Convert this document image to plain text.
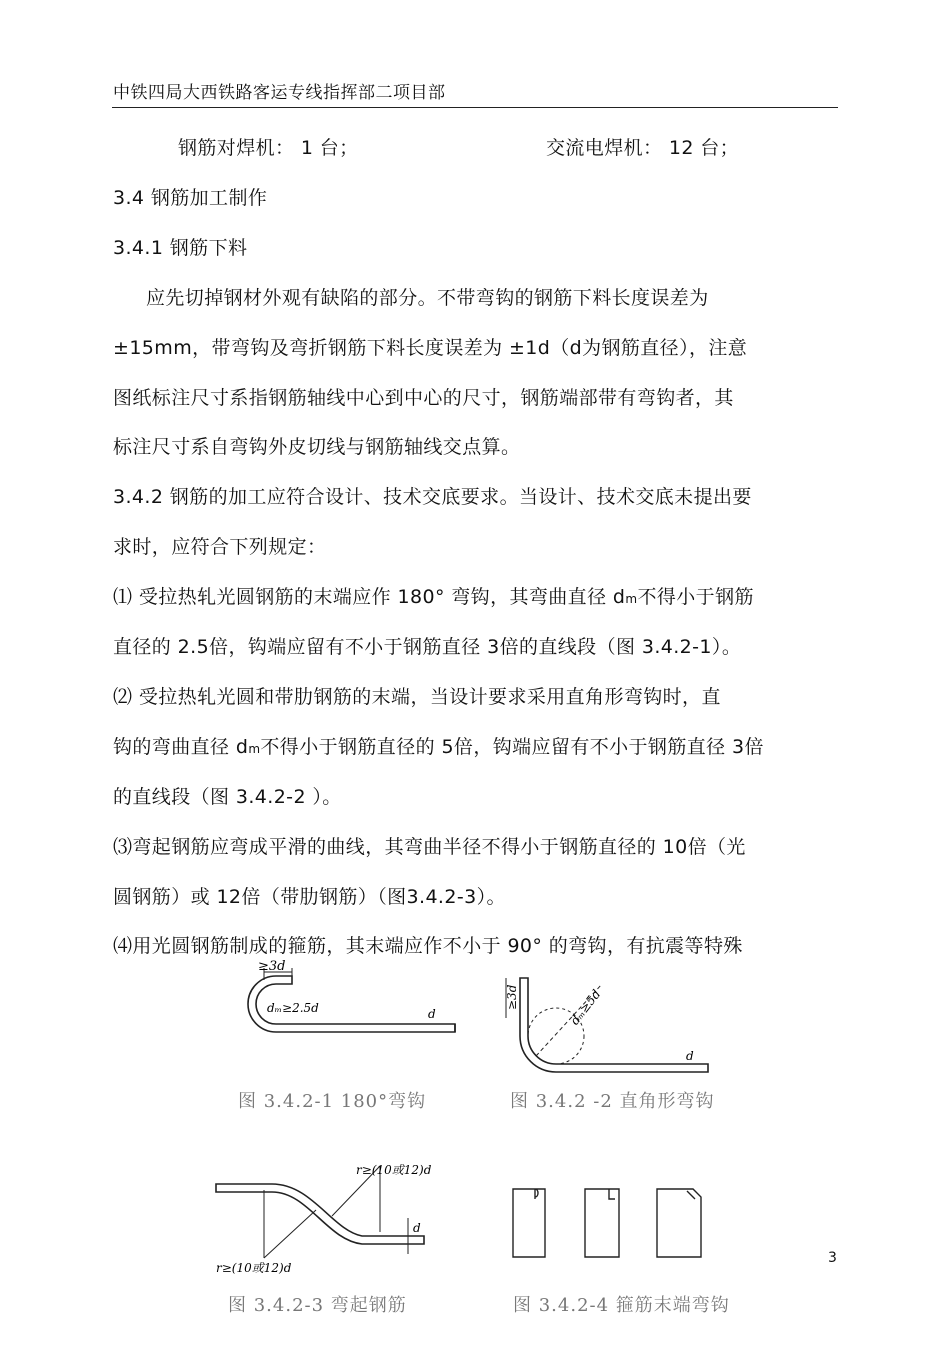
中铁四局大西铁路客运专线指挥部二项目部
钢筋对焊机： 1 台；	交流电焊机： 12 台；
3.4 钢筋加工制作
3.4.1 钢筋下料
应先切掉钢材外观有缺陷的部分。不带弯钩的钢筋下料长度误差为
±15mm，带弯钩及弯折钢筋下料长度误差为 ±1d（d为钢筋直径），注意
图纸标注尺寸系指钢筋轴线中心到中心的尺寸，钢筋端部带有弯钩者，其
标注尺寸系自弯钩外皮切线与钢筋轴线交点算。
3.4.2 钢筋的加工应符合设计、技术交底要求。当设计、技术交底未提出要
求时，应符合下列规定：
⑴ 受拉热轧光圆钢筋的末端应作 180° 弯钩，其弯曲直径 dm不得小于钢筋
直径的 2.5倍，钩端应留有不小于钢筋直径 3倍的直线段（图 3.4.2-1）。
⑵ 受拉热轧光圆和带肋钢筋的末端，当设计要求采用直角形弯钩时，直
钩的弯曲直径 dm不得小于钢筋直径的 5倍，钩端应留有不小于钢筋直径 3倍
的直线段（图 3.4.2-2 ）。
⑶弯起钢筋应弯成平滑的曲线，其弯曲半径不得小于钢筋直径的 10倍（光
圆钢筋）或 12倍（带肋钢筋）（图3.4.2-3）。
⑷用光圆钢筋制成的箍筋，其末端应作不小于 90° 的弯钩，有抗震等特殊
≥3d
dₘ≥2.5d	d
图 3.4.2-1 180°弯钩
≥3d	dₘ≥5d
d
图 3.4.2 -2 直角形弯钩
r≥(10或12)d
r≥(10或12)d
d
图 3.4.2-3 弯起钢筋	图 3.4.2-4 箍筋末端弯钩
3
